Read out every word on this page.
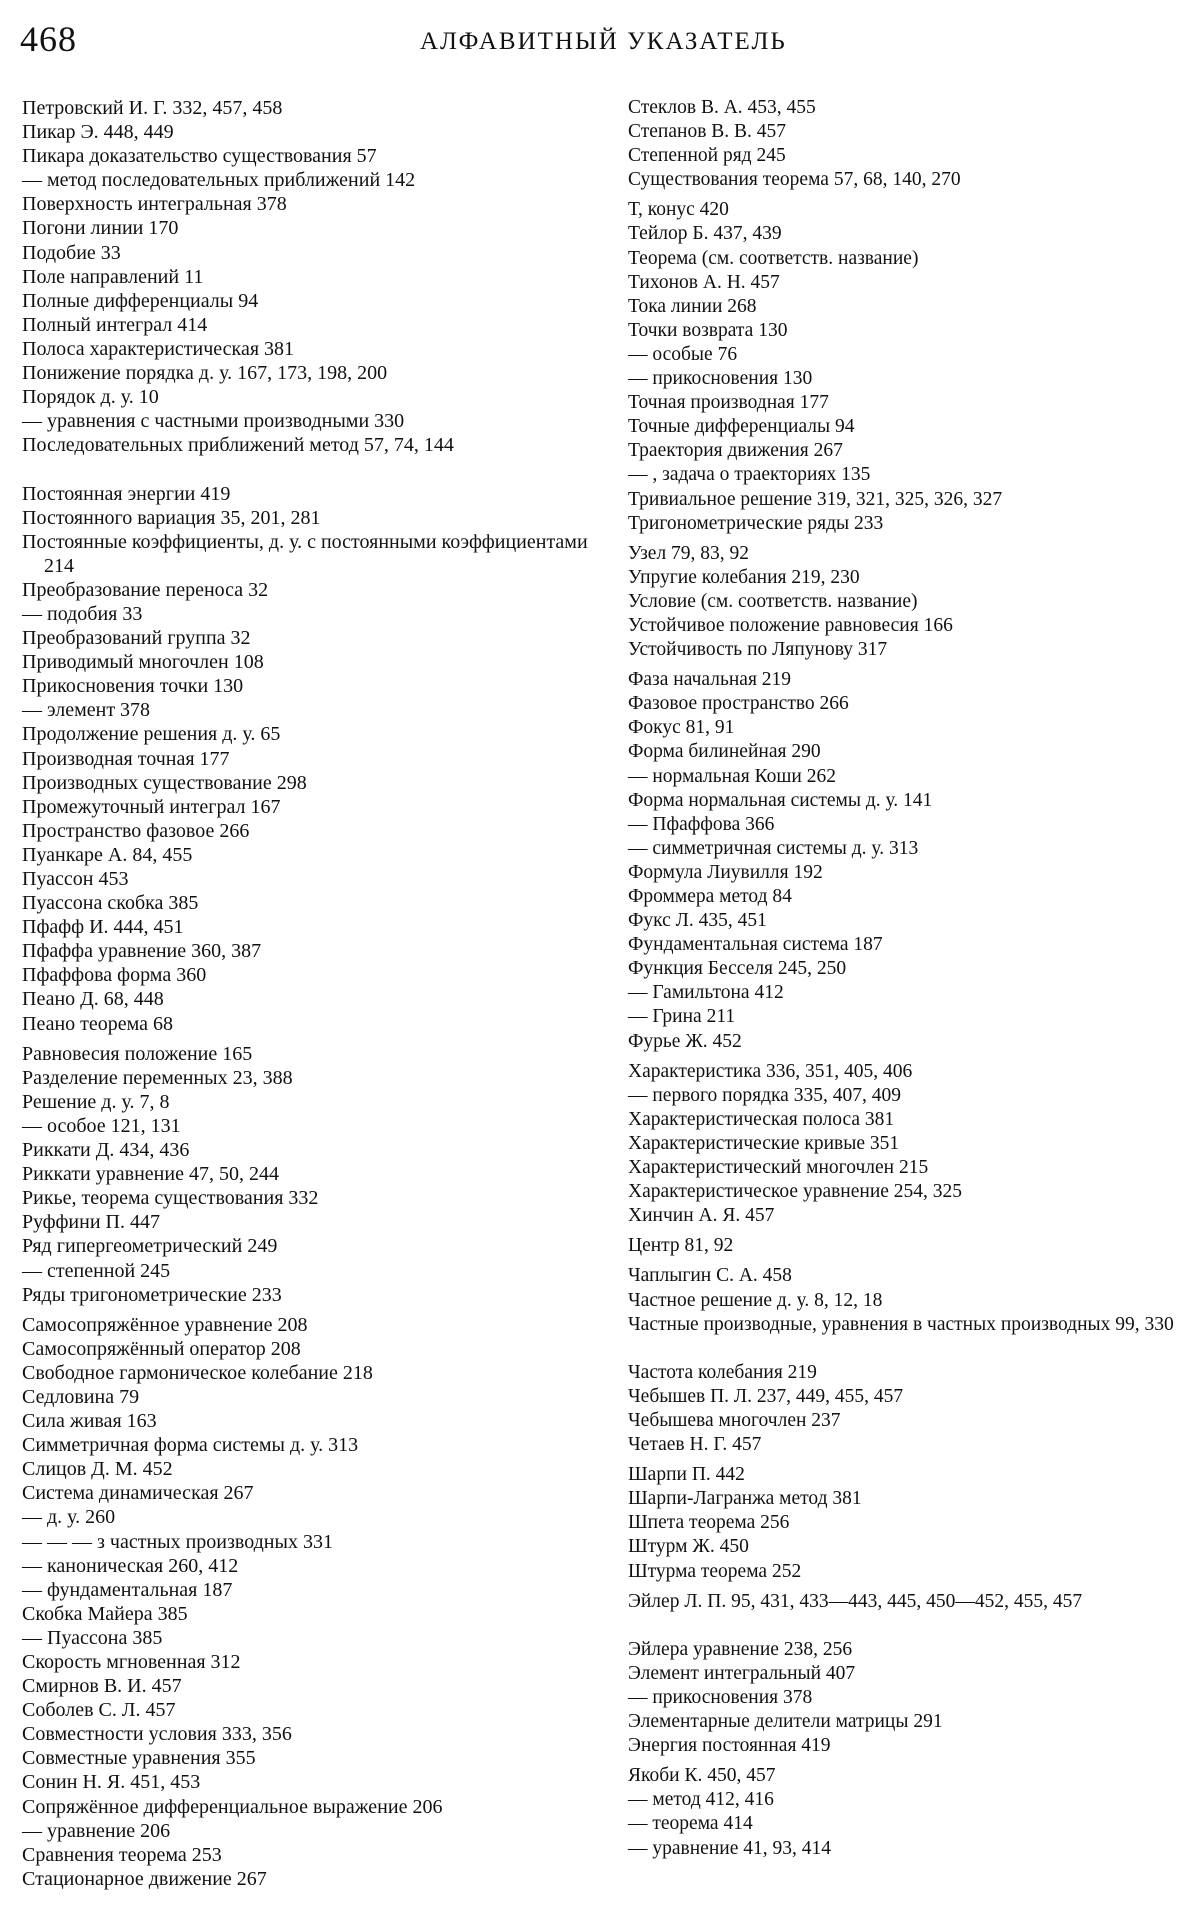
468	АЛФАВИТНЫЙ УКАЗАТЕЛЬ
Петровский И. Г. 332, 457, 458
Пикар Э. 448, 449
Пикара доказательство существования 57
— метод последовательных приближений 142
Поверхность интегральная 378
Погони линии 170
Подобие 33
Поле направлений 11
Полные дифференциалы 94
Полный интеграл 414
Полоса характеристическая 381
Понижение порядка д. у. 167, 173, 198, 200
Порядок д. у. 10
— уравнения с частными производными 330
Последовательных приближений метод 57, 74, 144
Постоянная энергии 419
Постоянного вариация 35, 201, 281
Постоянные коэффициенты, д. у. с постоянными коэффициентами 214
Преобразование переноса 32
— подобия 33
Преобразований группа 32
Приводимый многочлен 108
Прикосновения точки 130
— элемент 378
Продолжение решения д. у. 65
Производная точная 177
Производных существование 298
Промежуточный интеграл 167
Пространство фазовое 266
Пуанкаре А. 84, 455
Пуассон 453
Пуассона скобка 385
Пфафф И. 444, 451
Пфаффа уравнение 360, 387
Пфаффова форма 360
Пеано Д. 68, 448
Пеано теорема 68
Равновесия положение 165
Разделение переменных 23, 388
Решение д. у. 7, 8
— особое 121, 131
Риккати Д. 434, 436
Риккати уравнение 47, 50, 244
Рикье, теорема существования 332
Руффини П. 447
Ряд гипергеометрический 249
— степенной 245
Ряды тригонометрические 233
Самосопряжённое уравнение 208
Самосопряжённый оператор 208
Свободное гармоническое колебание 218
Седловина 79
Сила живая 163
Симметричная форма системы д. у. 313
Слицов Д. М. 452
Система динамическая 267
— д. у. 260
— — — з частных производных 331
— каноническая 260, 412
— фундаментальная 187
Скобка Майера 385
— Пуассона 385
Скорость мгновенная 312
Смирнов В. И. 457
Соболев С. Л. 457
Совместности условия 333, 356
Совместные уравнения 355
Сонин Н. Я. 451, 453
Сопряжённое дифференциальное выражение 206
— уравнение 206
Сравнения теорема 253
Стационарное движение 267
Стеклов В. А. 453, 455
Степанов В. В. 457
Степенной ряд 245
Существования теорема 57, 68, 140, 270
Т, конус 420
Тейлор Б. 437, 439
Теорема (см. соответств. название)
Тихонов А. Н. 457
Тока линии 268
Точки возврата 130
— особые 76
— прикосновения 130
Точная производная 177
Точные дифференциалы 94
Траектория движения 267
— , задача о траекториях 135
Тривиальное решение 319, 321, 325, 326, 327
Тригонометрические ряды 233
Узел 79, 83, 92
Упругие колебания 219, 230
Условие (см. соответств. название)
Устойчивое положение равновесия 166
Устойчивость по Ляпунову 317
Фаза начальная 219
Фазовое пространство 266
Фокус 81, 91
Форма билинейная 290
— нормальная Коши 262
Форма нормальная системы д. у. 141
— Пфаффова 366
— симметричная системы д. у. 313
Формула Лиувилля 192
Фроммера метод 84
Фукс Л. 435, 451
Фундаментальная система 187
Функция Бесселя 245, 250
— Гамильтона 412
— Грина 211
Фурье Ж. 452
Характеристика 336, 351, 405, 406
— первого порядка 335, 407, 409
Характеристическая полоса 381
Характеристические кривые 351
Характеристический многочлен 215
Характеристическое уравнение 254, 325
Хинчин А. Я. 457
Центр 81, 92
Чаплыгин С. А. 458
Частное решение д. у. 8, 12, 18
Частные производные, уравнения в частных производных 99, 330
Частота колебания 219
Чебышев П. Л. 237, 449, 455, 457
Чебышева многочлен 237
Четаев Н. Г. 457
Шарпи П. 442
Шарпи-Лагранжа метод 381
Шпета теорема 256
Штурм Ж. 450
Штурма теорема 252
Эйлер Л. П. 95, 431, 433—443, 445, 450—452, 455, 457
Эйлера уравнение 238, 256
Элемент интегральный 407
— прикосновения 378
Элементарные делители матрицы 291
Энергия постоянная 419
Якоби К. 450, 457
— метод 412, 416
— теорема 414
— уравнение 41, 93, 414
